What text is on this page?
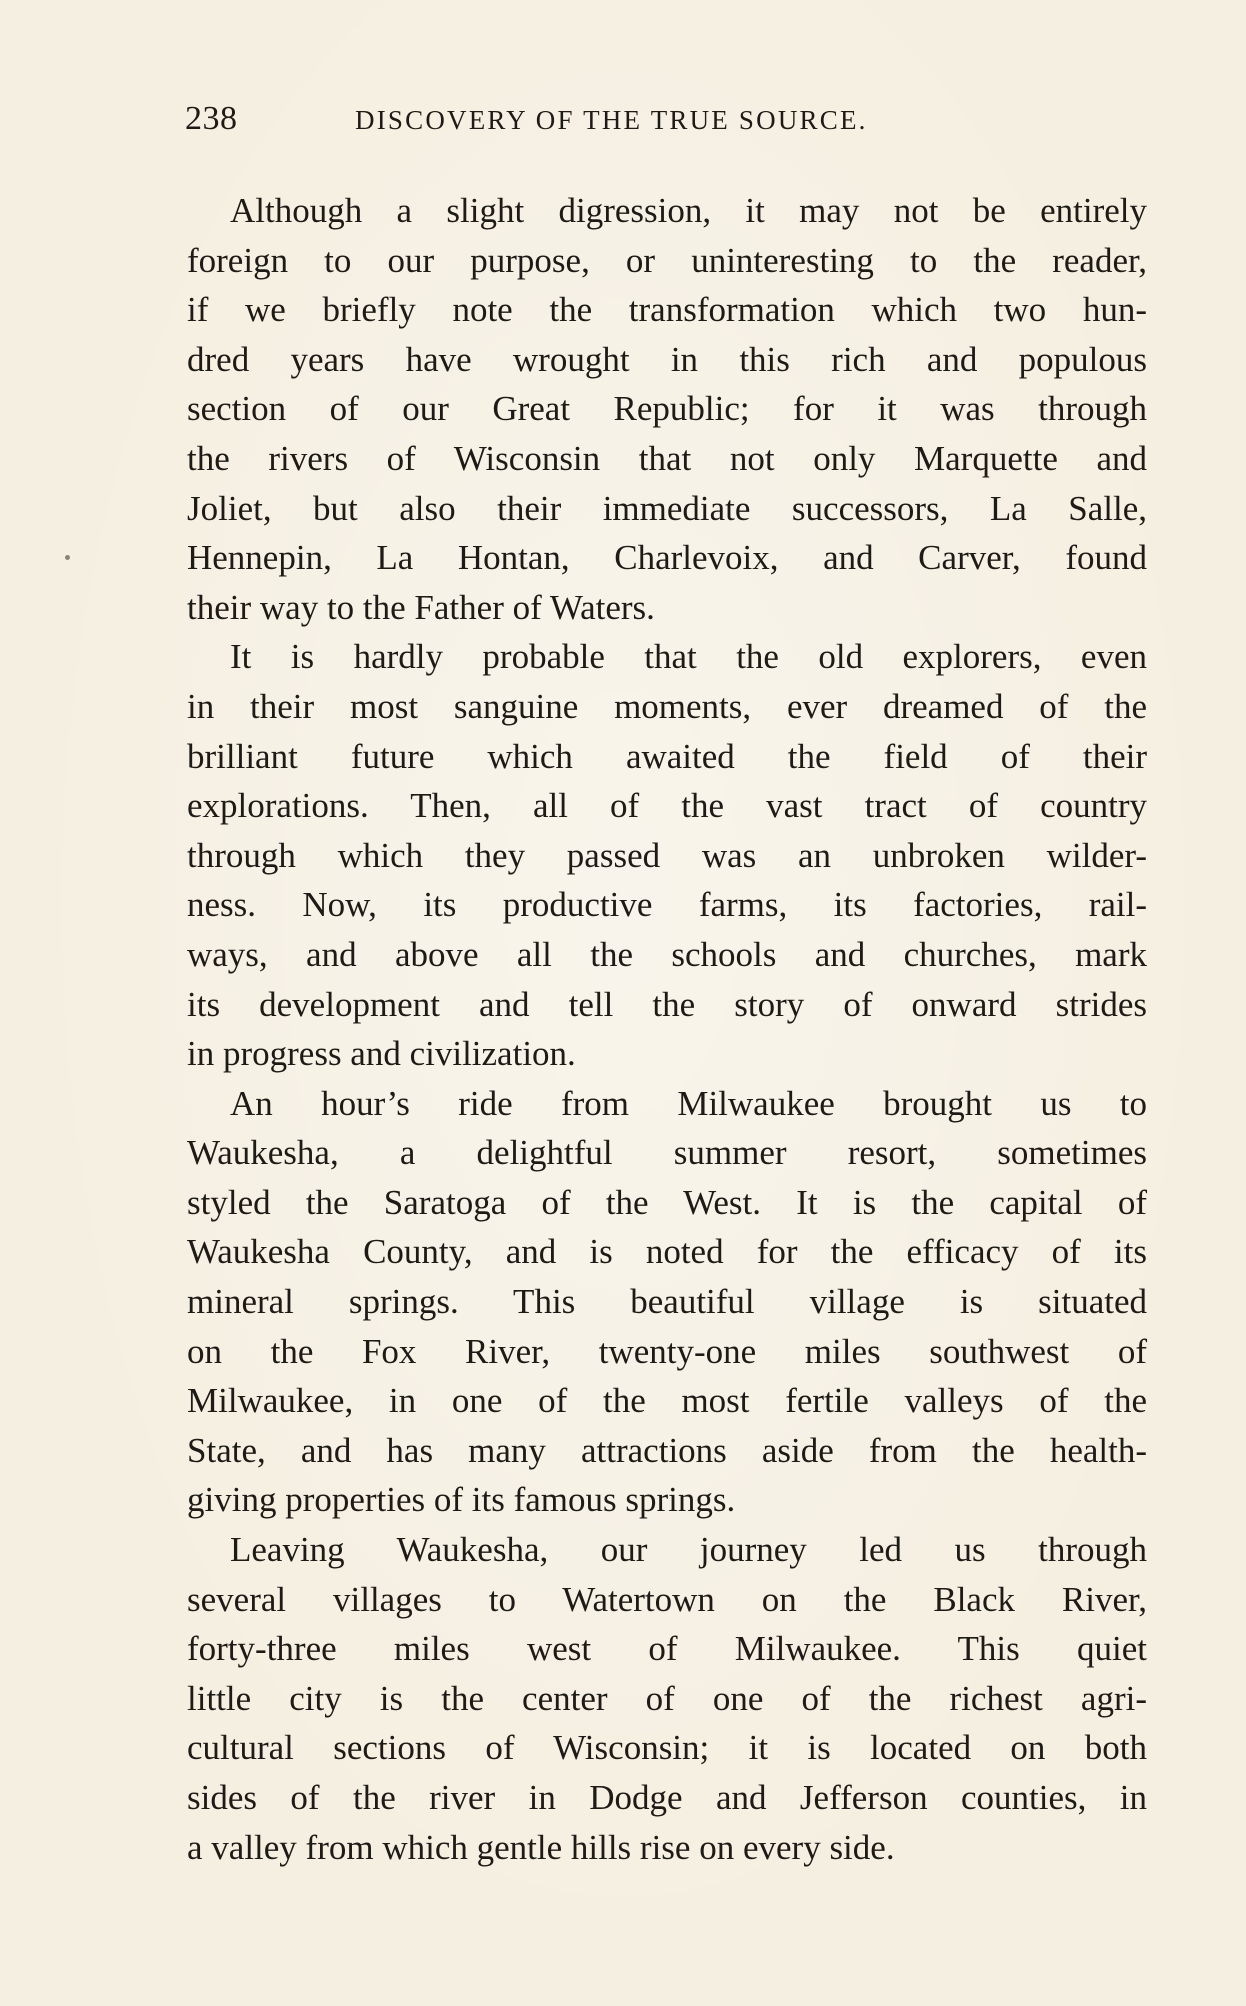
238	DISCOVERY OF THE TRUE SOURCE.
Although a slight digression, it may not be entirely
foreign to our purpose, or uninteresting to the reader,
if we briefly note the transformation which two hun-
dred years have wrought in this rich and populous
section of our Great Republic; for it was through
the rivers of Wisconsin that not only Marquette and
Joliet, but also their immediate successors, La Salle,
Hennepin, La Hontan, Charlevoix, and Carver, found
their way to the Father of Waters.
It is hardly probable that the old explorers, even
in their most sanguine moments, ever dreamed of the
brilliant future which awaited the field of their
explorations. Then, all of the vast tract of country
through which they passed was an unbroken wilder-
ness. Now, its productive farms, its factories, rail-
ways, and above all the schools and churches, mark
its development and tell the story of onward strides
in progress and civilization.
An hour’s ride from Milwaukee brought us to
Waukesha, a delightful summer resort, sometimes
styled the Saratoga of the West. It is the capital of
Waukesha County, and is noted for the efficacy of its
mineral springs. This beautiful village is situated
on the Fox River, twenty-one miles southwest of
Milwaukee, in one of the most fertile valleys of the
State, and has many attractions aside from the health-
giving properties of its famous springs.
Leaving Waukesha, our journey led us through
several villages to Watertown on the Black River,
forty-three miles west of Milwaukee. This quiet
little city is the center of one of the richest agri-
cultural sections of Wisconsin; it is located on both
sides of the river in Dodge and Jefferson counties, in
a valley from which gentle hills rise on every side.
